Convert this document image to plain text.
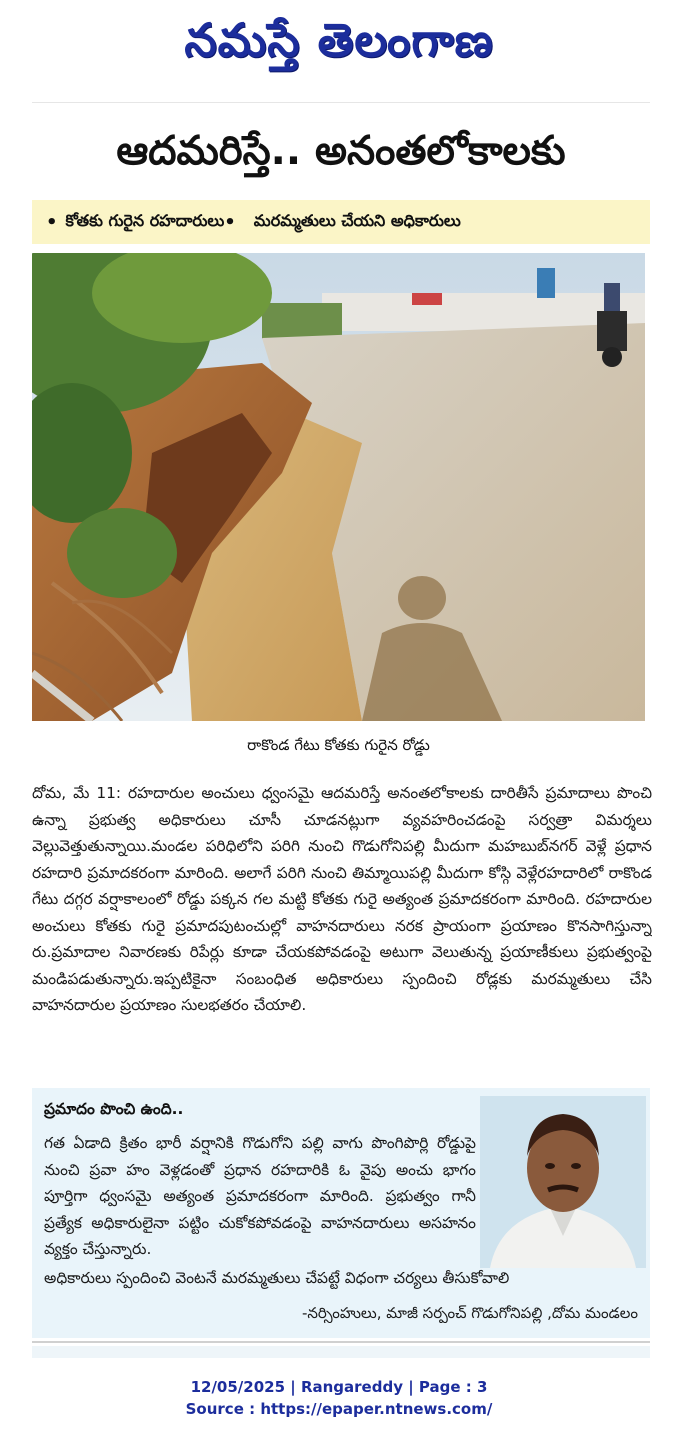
నమస్తే తెలంగాణ
ఆదమరిస్తే.. అనంతలోకాలకు
• కోతకు గురైన రహదారులు • మరమ్మతులు చేయని అధికారులు
రాకొండ గేటు కోతకు గురైన రోడ్డు
దోమ, మే 11: రహదారుల అంచులు ధ్వంసమై ఆదమరిస్తే అనంతలోకాలకు దారితీసే ప్రమాదాలు పొంచి ఉన్నా ప్రభుత్వ అధికారులు చూసీ చూడనట్లుగా వ్యవహరించడంపై సర్వత్రా విమర్శలు వెల్లువెత్తుతున్నాయి.మండల పరిధిలోని పరిగి నుంచి గొడుగోనిపల్లి మీదుగా మహబుబ్‌నగర్ వెళ్లే ప్రధాన రహదారి ప్రమాదకరంగా మారింది. అలాగే పరిగి నుంచి తిమ్మాయిపల్లి మీదుగా కోస్గి వెళ్లేరహదారిలో రాకొండ గేటు దగ్గర వర్షాకాలంలో రోడ్డు పక్కన గల మట్టి కోతకు గురై అత్యంత ప్రమాదకరంగా మారింది. రహదారుల అంచులు కోతకు గురై ప్రమాదపుటంచుల్లో వాహనదారులు నరక ప్రాయంగా ప్రయాణం కొనసాగిస్తున్నా రు.ప్రమాదాల నివారణకు రిపేర్లు కూడా చేయకపోవడంపై అటుగా వెలుతున్న ప్రయాణీకులు ప్రభుత్వంపై మండిపడుతున్నారు.ఇప్పటికైనా సంబంధిత అధికారులు స్పందించి రోడ్లకు మరమ్మతులు చేసి వాహనదారుల ప్రయాణం సులభతరం చేయాలి.
ప్రమాదం పొంచి ఉంది..
గత ఏడాది క్రితం భారీ వర్షానికి గొడుగోని పల్లి వాగు పొంగిపొర్లి రోడ్డుపై నుంచి ప్రవా హం వెళ్లడంతో ప్రధాన రహదారికి ఓ వైపు అంచు భాగం పూర్తిగా ధ్వంసమై అత్యంత ప్రమాదకరంగా మారింది. ప్రభుత్వం గానీ ప్రత్యేక అధికారులైనా పట్టిం చుకోకపోవడంపై వాహనదారులు అసహనం వ్యక్తం చేస్తున్నారు.
అధికారులు స్పందించి వెంటనే మరమ్మతులు చేపట్టే విధంగా చర్యలు తీసుకోవాలి
-నర్సింహులు, మాజీ సర్పంచ్ గొడుగోనిపల్లి ,దోమ మండలం
12/05/2025 | Rangareddy | Page : 3
Source : https://epaper.ntnews.com/
